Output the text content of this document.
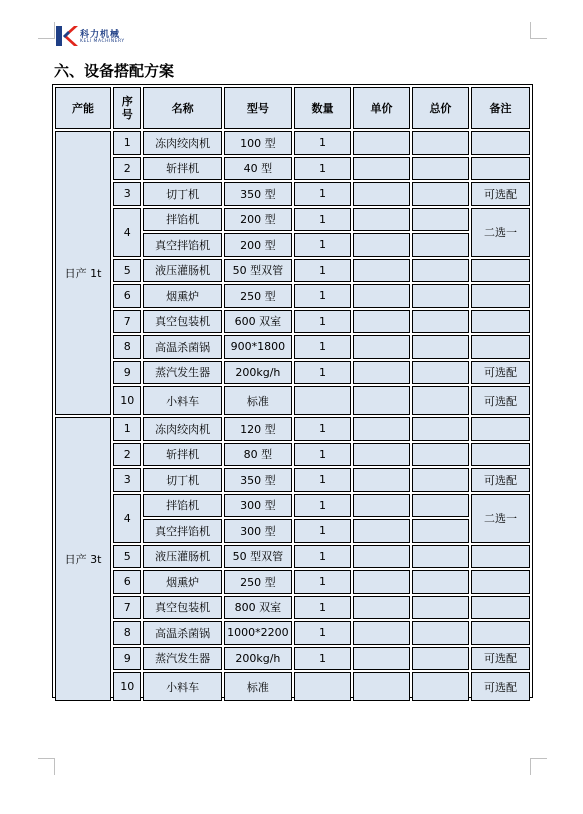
科力机械
KELI MACHINERY
六、设备搭配方案
产能	序号	名称	型号	数量	单价	总价	备注
日产 1t	1	冻肉绞肉机	100 型	1			
	2	斩拌机	40 型	1			
	3	切丁机	350 型	1			可选配
	4	拌馅机	200 型	1			二选一
		真空拌馅机	200 型	1			
	5	液压灌肠机	50 型双管	1			
	6	烟熏炉	250 型	1			
	7	真空包装机	600 双室	1			
	8	高温杀菌锅	900*1800	1			
	9	蒸汽发生器	200kg/h	1			可选配
	10	小料车	标准				可选配
日产 3t	1	冻肉绞肉机	120 型	1			
	2	斩拌机	80 型	1			
	3	切丁机	350 型	1			可选配
	4	拌馅机	300 型	1			二选一
		真空拌馅机	300 型	1			
	5	液压灌肠机	50 型双管	1			
	6	烟熏炉	250 型	1			
	7	真空包装机	800 双室	1			
	8	高温杀菌锅	1000*2200	1			
	9	蒸汽发生器	200kg/h	1			可选配
	10	小料车	标准				可选配
